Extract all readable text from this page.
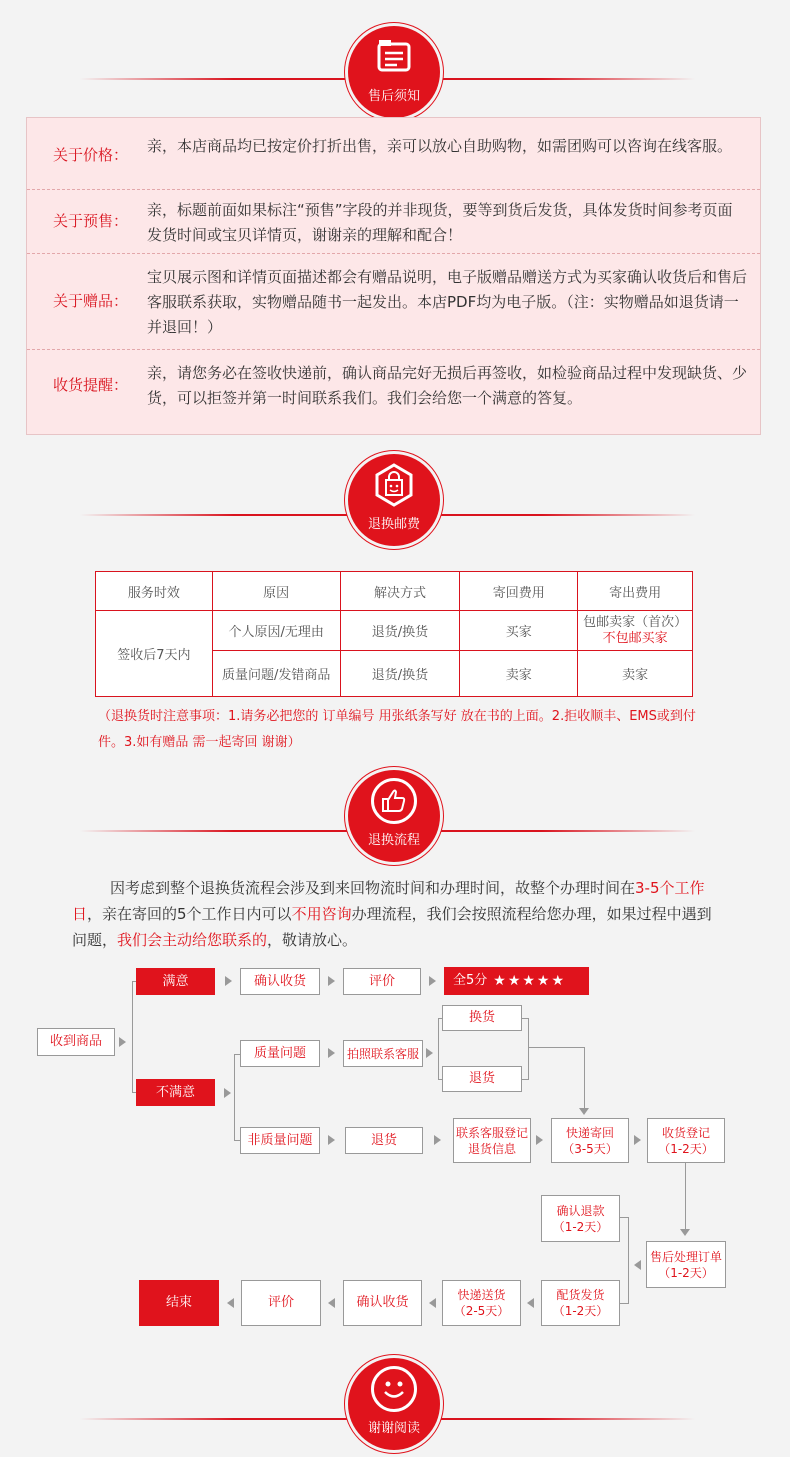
售后须知
关于价格： 亲，本店商品均已按定价打折出售，亲可以放心自助购物，如需团购可以咨询在线客服。
关于预售：
亲，标题前面如果标注“预售”字段的并非现货，要等到货后发货，具体发货时间参考页面发货时间或宝贝详情页，谢谢亲的理解和配合！
关于赠品：
宝贝展示图和详情页面描述都会有赠品说明，电子版赠品赠送方式为买家确认收货后和售后客服联系获取，实物赠品随书一起发出。本店PDF均为电子版。（注：实物赠品如退货请一并退回！）
收货提醒：
亲，请您务必在签收快递前，确认商品完好无损后再签收，如检验商品过程中发现缺货、少货，可以拒签并第一时间联系我们。我们会给您一个满意的答复。
退换邮费
服务时效	原因	解决方式	寄回费用	寄出费用
签收后7天内	个人原因/无理由	退货/换货	买家	包邮卖家（首次）
不包邮买家

	质量问题/发错商品	退货/换货	卖家	卖家
（退换货时注意事项：1.请务必把您的 订单编号 用张纸条写好 放在书的上面。2.拒收顺丰、EMS或到付件。3.如有赠品 需一起寄回 谢谢）
退换流程
因考虑到整个退换货流程会涉及到来回物流时间和办理时间，故整个办理时间在3-5个工作日，亲在寄回的5个工作日内可以不用咨询办理流程，我们会按照流程给您办理，如果过程中遇到问题，我们会主动给您联系的，敬请放心。
收到商品
满意	确认收货	评价	全5分 ★★★★★
不满意
质量问题	拍照联系客服
换货
退货
非质量问题	退货	联系客服登记
退货信息
快递寄回
（3-5天）
收货登记
（1-2天）
售后处理订单
（1-2天）
确认退款
（1-2天）
配货发货
（1-2天）
快递送货
（2-5天）
确认收货
评价
结束
谢谢阅读
